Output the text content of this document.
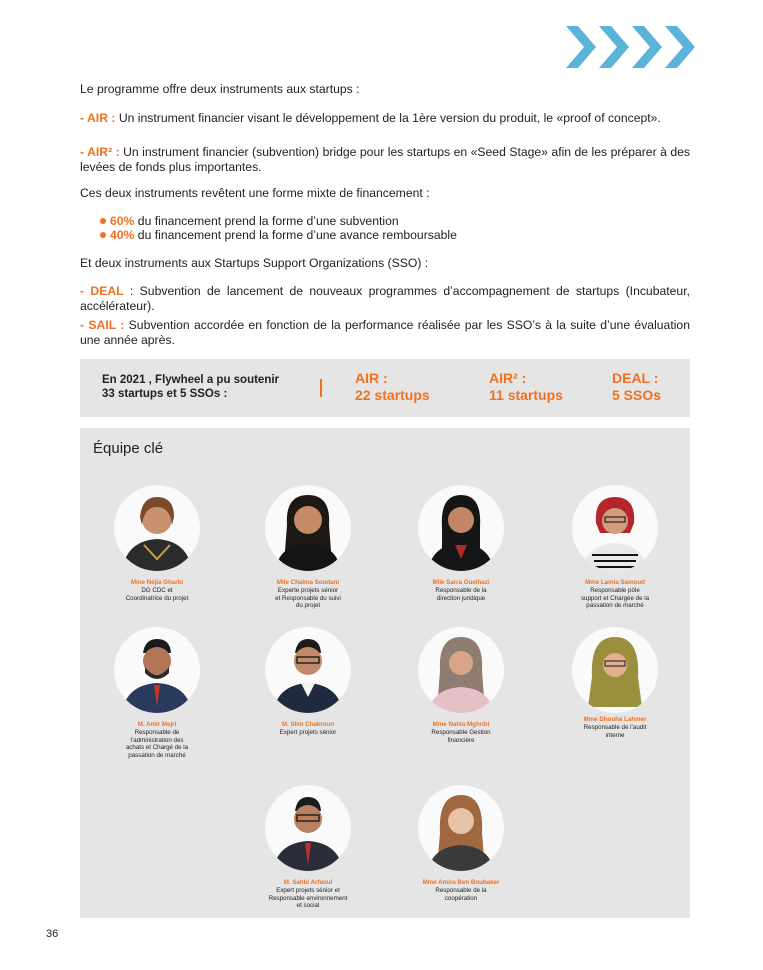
Le programme offre deux instruments aux startups :
- AIR : Un instrument financier visant le développement de la 1ère version du produit, le «proof of concept».
- AIR² : Un instrument financier (subvention) bridge pour les startups en «Seed Stage» afin de les préparer à des levées de fonds plus importantes.
Ces deux instruments revêtent une forme mixte de financement :
60% du financement prend la forme d’une subvention
40% du financement prend la forme d’une avance remboursable
Et deux instruments aux Startups Support Organizations (SSO) :
- DEAL : Subvention de lancement de nouveaux programmes d’accompagnement de startups (Incubateur, accélérateur).
- SAIL : Subvention accordée en fonction de la performance réalisée par les SSO’s à la suite d’une évaluation une année après.
En 2021 , Flywheel a pu soutenir
33 startups et 5 SSOs :
AIR :
22 startups
AIR² :
11 startups
DEAL :
5 SSOs
Équipe clé
Mme Néjia Gharbi
DG CDC et
Coordinatrice du projet
Mlle Chaima Soudani
Experte projets sénior
et Responsable du suivi
du projet
Mlle Sarra Ouelhazi
Responsable de la
direction juridique
Mme Lamia Samoud
Responsable pôle
support et Chargée de la
passation de marché
M. Amir Mejri
Responsable de
l’administration des
achats et Chargé de la
passation de marché
M. Slim Chakroun
Expert projets sénior
Mme Nahla Mghribi
Responsable Gestion
financière
Mme Dhouha Lahmer
Responsable de l’audit
interne
M. Sahbi Arfaoui
Expert projets sénior et
Responsable environnement
et social
Mme Amira Ben Boubaker
Responsable de la
coopération
36
